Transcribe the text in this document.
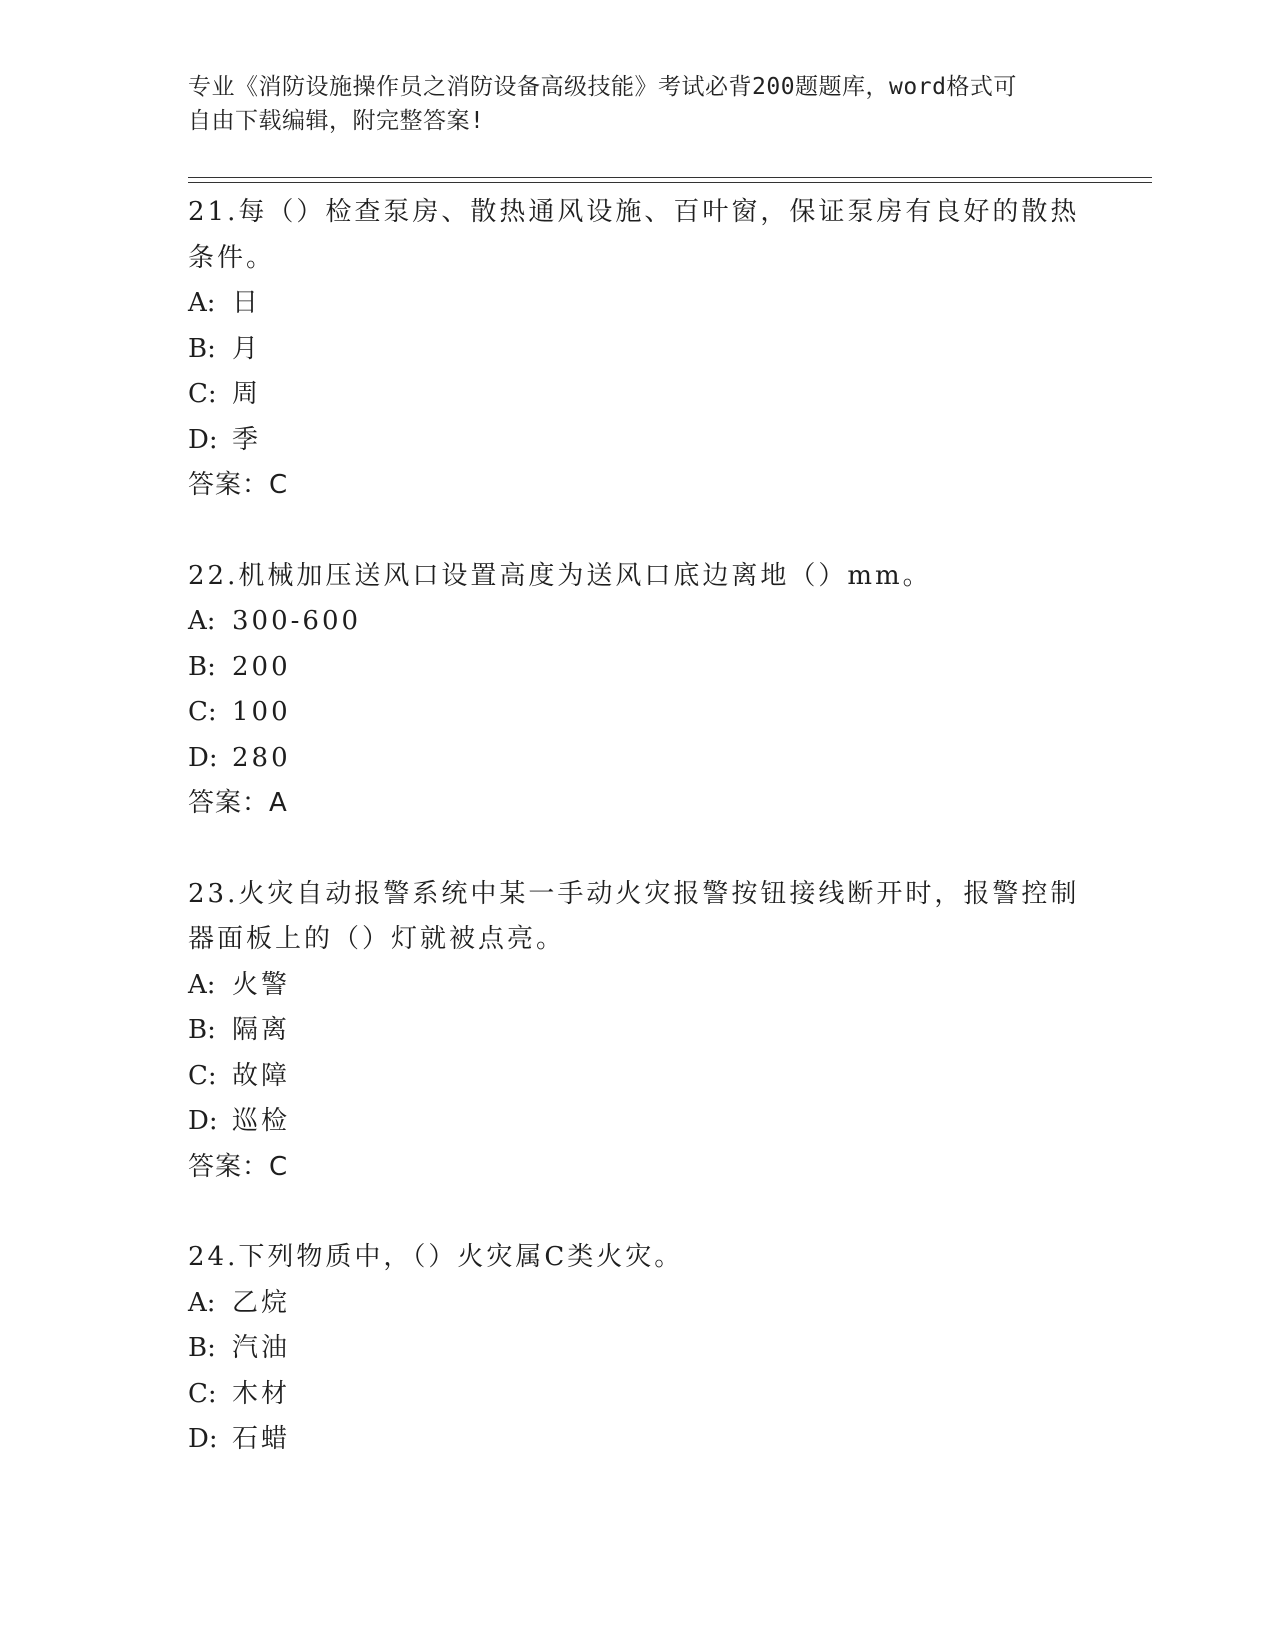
专业《消防设施操作员之消防设备高级技能》考试必背200题题库，word格式可
自由下载编辑，附完整答案!
21.每（）检查泵房、散热通风设施、百叶窗，保证泵房有良好的散热
条件。
A: 日
B: 月
C: 周
D: 季
答案：C
22.机械加压送风口设置高度为送风口底边离地（）mm。
A: 300-600
B: 200
C: 100
D: 280
答案：A
23.火灾自动报警系统中某一手动火灾报警按钮接线断开时，报警控制
器面板上的（）灯就被点亮。
A: 火警
B: 隔离
C: 故障
D: 巡检
答案：C
24.下列物质中，（）火灾属C类火灾。
A: 乙烷
B: 汽油
C: 木材
D: 石蜡
